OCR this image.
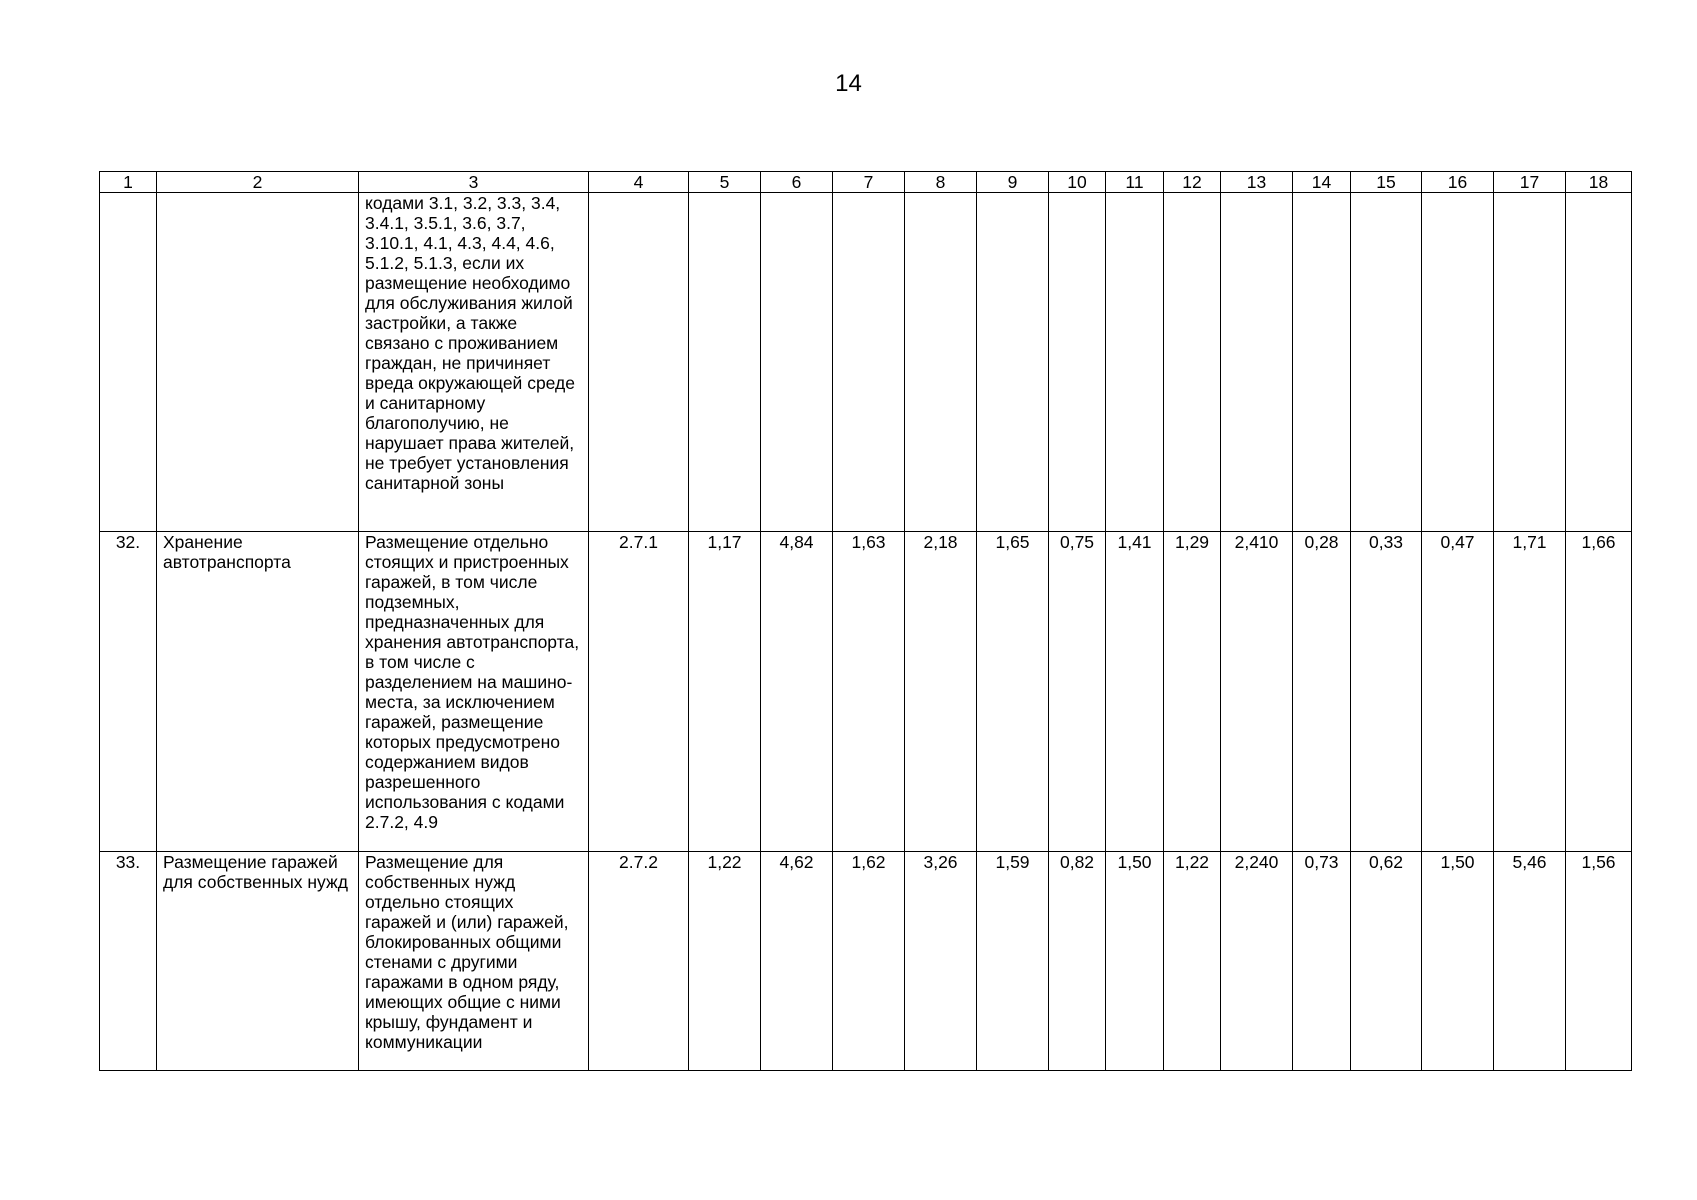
14
1	2	3	4	5	6	7	8	9	10	11	12	13	14	15	16	17	18
		кодами 3.1, 3.2, 3.3, 3.4, 3.4.1, 3.5.1, 3.6, 3.7, 3.10.1, 4.1, 4.3, 4.4, 4.6, 5.1.2, 5.1.3, если их размещение необходимо для обслуживания жилой застройки, а также связано с проживанием граждан, не причиняет вреда окружающей среде и санитарному благополучию, не нарушает права жителей, не требует установления санитарной зоны															
32.	Хранение автотранспорта	Размещение отдельно стоящих и пристроенных гаражей, в том числе подземных, предназначенных для хранения автотранспорта, в том числе с разделением на машино-места, за исключением гаражей, размещение которых предусмотрено содержанием видов разрешенного использования с кодами 2.7.2, 4.9	2.7.1	1,17	4,84	1,63	2,18	1,65	0,75	1,41	1,29	2,410	0,28	0,33	0,47	1,71	1,66
33.	Размещение гаражей для собственных нужд	Размещение для собственных нужд отдельно стоящих гаражей и (или) гаражей, блокированных общими стенами с другими гаражами в одном ряду, имеющих общие с ними крышу, фундамент и коммуникации	2.7.2	1,22	4,62	1,62	3,26	1,59	0,82	1,50	1,22	2,240	0,73	0,62	1,50	5,46	1,56
